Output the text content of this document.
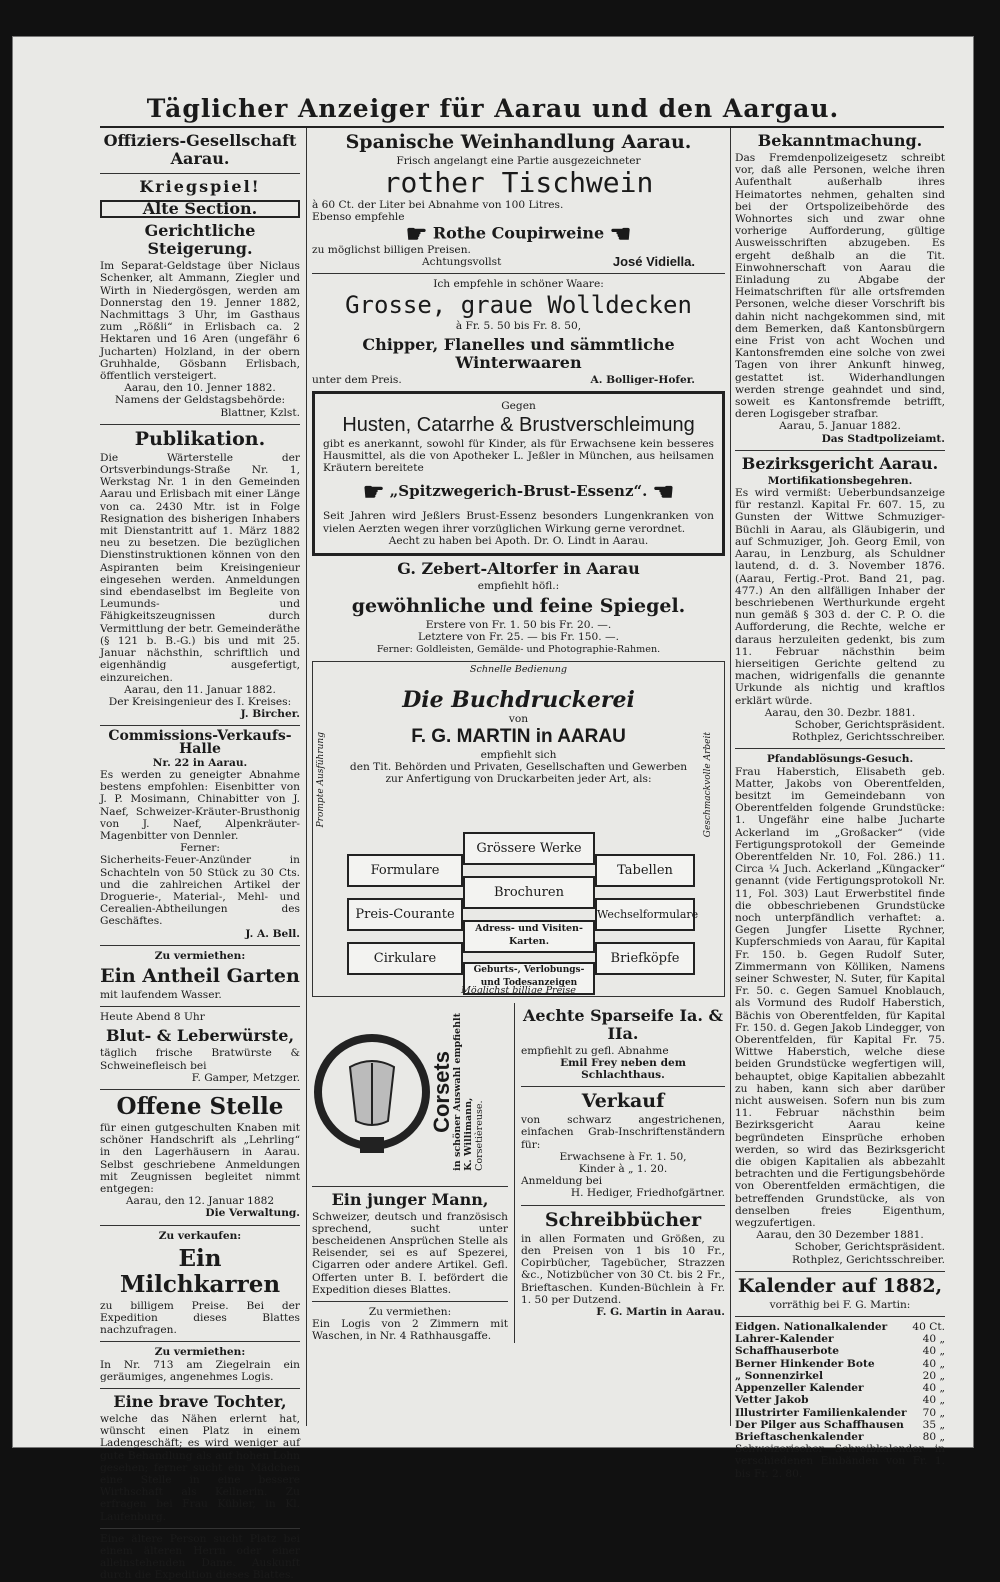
Täglicher Anzeiger für Aarau und den Aargau.
Offiziers-Gesellschaft Aarau.
Kriegspiel!
Alte Section.
Gerichtliche Steigerung.

Im Separat-Geldstage über Niclaus Schenker, alt Ammann, Ziegler und Wirth in Niedergösgen, werden am Donnerstag den 19. Jenner 1882, Nachmittags 3 Uhr, im Gasthaus zum „Rößli“ in Erlisbach ca. 2 Hektaren und 16 Aren (ungefähr 6 Jucharten) Holzland, in der obern Gruhhalde, Gösbann Erlisbach, öffentlich versteigert.

Aarau, den 10. Jenner 1882.
Namens der Geldstagsbehörde:
Blattner, Kzlst.
Publikation.

Die Wärterstelle der Ortsverbindungs-Straße Nr. 1, Werkstag Nr. 1 in den Gemeinden Aarau und Erlisbach mit einer Länge von ca. 2430 Mtr. ist in Folge Resignation des bisherigen Inhabers mit Dienstantritt auf 1. März 1882 neu zu besetzen. Die bezüglichen Dienstinstruktionen können von den Aspiranten beim Kreisingenieur eingesehen werden. Anmeldungen sind ebendaselbst im Begleite von Leumunds- und Fähigkeitszeugnissen durch Vermittlung der betr. Gemeinderäthe (§ 121 b. B.-G.) bis und mit 25. Januar nächsthin, schriftlich und eigenhändig ausgefertigt, einzureichen.

Aarau, den 11. Januar 1882.
Der Kreisingenieur des I. Kreises:
J. Bircher.
Commissions-Verkaufs-Halle
Nr. 22 in Aarau.

Es werden zu geneigter Abnahme bestens empfohlen: Eisenbitter von J. P. Mosimann, Chinabitter von J. Naef, Schweizer-Kräuter-Brusthonig von J. Naef, Alpenkräuter-Magenbitter von Dennler.

Ferner:

Sicherheits-Feuer-Anzünder in Schachteln von 50 Stück zu 30 Cts. und die zahlreichen Artikel der Droguerie-, Material-, Mehl- und Cerealien-Abtheilungen des Geschäftes.

J. A. Bell.
Zu vermiethen:
Ein Antheil Garten
mit laufendem Wasser.
Heute Abend 8 Uhr
Blut- & Leberwürste,

täglich frische Bratwürste & Schweinefleisch bei

F. Gamper, Metzger.
Offene Stelle

für einen gutgeschulten Knaben mit schöner Handschrift als „Lehrling“ in den Lagerhäusern in Aarau. Selbst geschriebene Anmeldungen mit Zeugnissen begleitet nimmt entgegen:

Aarau, den 12. Januar 1882
Die Verwaltung.
Zu verkaufen:
Ein Milchkarren

zu billigem Preise. Bei der Expedition dieses Blattes nachzufragen.

Zu vermiethen:

In Nr. 713 am Ziegelrain ein geräumiges, angenehmes Logis.

Eine brave Tochter,

welche das Nähen erlernt hat, wünscht einen Platz in einem Ladengeschäft; es wird weniger auf gute Behandlung als auf hohen Lohn gesehen; ferner sucht ein Mädchen eine Stelle in eine bessere Wirthschaft als Kellnerin. Zu erfragen bei Frau Kübler, in Kl. Laufenburg.

Eine ältere Person sucht Platz bei einem älteren Herrn oder einer alleinstehenden Dame. Auskunft durch die Expedition dieses Blattes.

Spanische Weinhandlung Aarau.
Frisch angelangt eine Partie ausgezeichneter
rother Tischwein
à 60 Ct. der Liter bei Abnahme von 100 Litres.
Ebenso empfehle
☛ Rothe Coupirweine ☚
zu möglichst billigen Preisen.
Achtungsvollst	José Vidiella.
Ich empfehle in schöner Waare:
Grosse, graue Wolldecken
à Fr. 5. 50 bis Fr. 8. 50,
Chipper, Flanelles und sämmtliche Winterwaaren
unter dem Preis.	A. Bolliger-Hofer.
Gegen
Husten, Catarrhe & Brustverschleimung

gibt es anerkannt, sowohl für Kinder, als für Erwachsene kein besseres Hausmittel, als die von Apotheker L. Jeßler in München, aus heilsamen Kräutern bereitete

☛ „Spitzwegerich-Brust-Essenz“. ☚

Seit Jahren wird Jeßlers Brust-Essenz besonders Lungenkranken von vielen Aerzten wegen ihrer vorzüglichen Wirkung gerne verordnet.

Aecht zu haben bei Apoth. Dr. O. Lindt in Aarau.
G. Zebert-Altorfer in Aarau
empfiehlt höfl.:
gewöhnliche und feine Spiegel.
Erstere von Fr. 1. 50 bis Fr. 20. —.
Letztere von Fr. 25. — bis Fr. 150. —.
Ferner: Goldleisten, Gemälde- und Photographie-Rahmen.
Schnelle Bedienung
Prompte Ausführung	Geschmackvolle Arbeit
Die Buchdruckerei
von
F. G. MARTIN in AARAU
empfiehlt sich
den Tit. Behörden und Privaten, Gesellschaften und Gewerben
zur Anfertigung von Druckarbeiten jeder Art, als:
Grössere Werke
Formulare	Tabellen
Brochuren
Preis-Courante	Wechselformulare
Adress- und Visiten-Karten.
Cirkulare	Briefköpfe
Geburts-, Verlobungs- und Todesanzeigen
Möglichst billige Preise
Corsets
in schöner Auswahl empfiehlt
K. Willimann,
Corsetièreuse.
Ein junger Mann,

Schweizer, deutsch und französisch sprechend, sucht unter bescheidenen Ansprüchen Stelle als Reisender, sei es auf Spezerei, Cigarren oder andere Artikel. Gefl. Offerten unter B. I. befördert die Expedition dieses Blattes.

Zu vermiethen:

Ein Logis von 2 Zimmern mit Waschen, in Nr. 4 Rathhausgaffe.

Aechte Sparseife Ia. & IIa.
empfiehlt zu gefl. Abnahme
Emil Frey neben dem Schlachthaus.
Verkauf

von schwarz angestrichenen, einfachen Grab-Inschriftenständern für:

Erwachsene à Fr. 1. 50,
Kinder à „ 1. 20.
Anmeldung bei
H. Hediger, Friedhofgärtner.
Schreibbücher

in allen Formaten und Größen, zu den Preisen von 1 bis 10 Fr., Copirbücher, Tagebücher, Strazzen &c., Notizbücher von 30 Ct. bis 2 Fr., Brieftaschen. Kunden-Büchlein à Fr. 1. 50 per Dutzend.

F. G. Martin in Aarau.
Bekanntmachung.

Das Fremdenpolizeigesetz schreibt vor, daß alle Personen, welche ihren Aufenthalt außerhalb ihres Heimatortes nehmen, gehalten sind bei der Ortspolizeibehörde des Wohnortes sich und zwar ohne vorherige Aufforderung, gültige Ausweisschriften abzugeben. Es ergeht deßhalb an die Tit. Einwohnerschaft von Aarau die Einladung zu Abgabe der Heimatschriften für alle ortsfremden Personen, welche dieser Vorschrift bis dahin nicht nachgekommen sind, mit dem Bemerken, daß Kantonsbürgern eine Frist von acht Wochen und Kantonsfremden eine solche von zwei Tagen von ihrer Ankunft hinweg, gestattet ist. Widerhandlungen werden strenge geahndet und sind, soweit es Kantonsfremde betrifft, deren Logisgeber strafbar.

Aarau, 5. Januar 1882.
Das Stadtpolizeiamt.
Bezirksgericht Aarau.
Mortifikationsbegehren.

Es wird vermißt: Ueberbundsanzeige für restanzl. Kapital Fr. 607. 15, zu Gunsten der Wittwe Schmuziger-Büchli in Aarau, als Gläubigerin, und auf Schmuziger, Joh. Georg Emil, von Aarau, in Lenzburg, als Schuldner lautend, d. d. 3. November 1876. (Aarau, Fertig.-Prot. Band 21, pag. 477.) An den allfälligen Inhaber der beschriebenen Werthurkunde ergeht nun gemäß § 303 d. der C. P. O. die Aufforderung, die Rechte, welche er daraus herzuleiten gedenkt, bis zum 11. Februar nächsthin beim hierseitigen Gerichte geltend zu machen, widrigenfalls die genannte Urkunde als nichtig und kraftlos erklärt würde.

Aarau, den 30. Dezbr. 1881.
Schober, Gerichtspräsident.
Rothplez, Gerichtsschreiber.
Pfandablösungs-Gesuch.

Frau Haberstich, Elisabeth geb. Matter, Jakobs von Oberentfelden, besitzt im Gemeindebann von Oberentfelden folgende Grundstücke: 1. Ungefähr eine halbe Jucharte Ackerland im „Großacker“ (vide Fertigungsprotokoll der Gemeinde Oberentfelden Nr. 10, Fol. 286.) 11. Circa ¼ Juch. Ackerland „Küngacker“ genannt (vide Fertigungsprotokoll Nr. 11, Fol. 303) Laut Erwerbstitel finde die obbeschriebenen Grundstücke noch unterpfändlich verhaftet: a. Gegen Jungfer Lisette Rychner, Kupferschmieds von Aarau, für Kapital Fr. 150. b. Gegen Rudolf Suter, Zimmermann von Kölliken, Namens seiner Schwester, N. Suter, für Kapital Fr. 50. c. Gegen Samuel Knoblauch, als Vormund des Rudolf Haberstich, Bächis von Oberentfelden, für Kapital Fr. 150. d. Gegen Jakob Lindegger, von Oberentfelden, für Kapital Fr. 75. Wittwe Haberstich, welche diese beiden Grundstücke wegfertigen will, behauptet, obige Kapitalien abbezahlt zu haben, kann sich aber darüber nicht ausweisen. Sofern nun bis zum 11. Februar nächsthin beim Bezirksgericht Aarau keine begründeten Einsprüche erhoben werden, so wird das Bezirksgericht die obigen Kapitalien als abbezahlt betrachten und die Fertigungsbehörde von Oberentfelden ermächtigen, die betreffenden Grundstücke, als von denselben freies Eigenthum, wegzufertigen.

Aarau, den 30 Dezember 1881.
Schober, Gerichtspräsident.
Rothplez, Gerichtsschreiber.
Kalender auf 1882,
vorräthig bei F. G. Martin:
Eidgen. Nationalkalender 40 Ct.
Lahrer-Kalender	40 „
Schaffhauserbote	40 „
Berner Hinkender Bote	40 „
„ Sonnenzirkel	20 „
Appenzeller Kalender	40 „
Vetter Jakob	40 „
Illustrirter Familienkalender 70 „
Der Pilger aus Schaffhausen 35 „
Brieftaschenkalender	80 „

Schweizerischer Schreibkalender in verschiedenen Einbänden von Fr. 1. bis Fr. 2. 80.
